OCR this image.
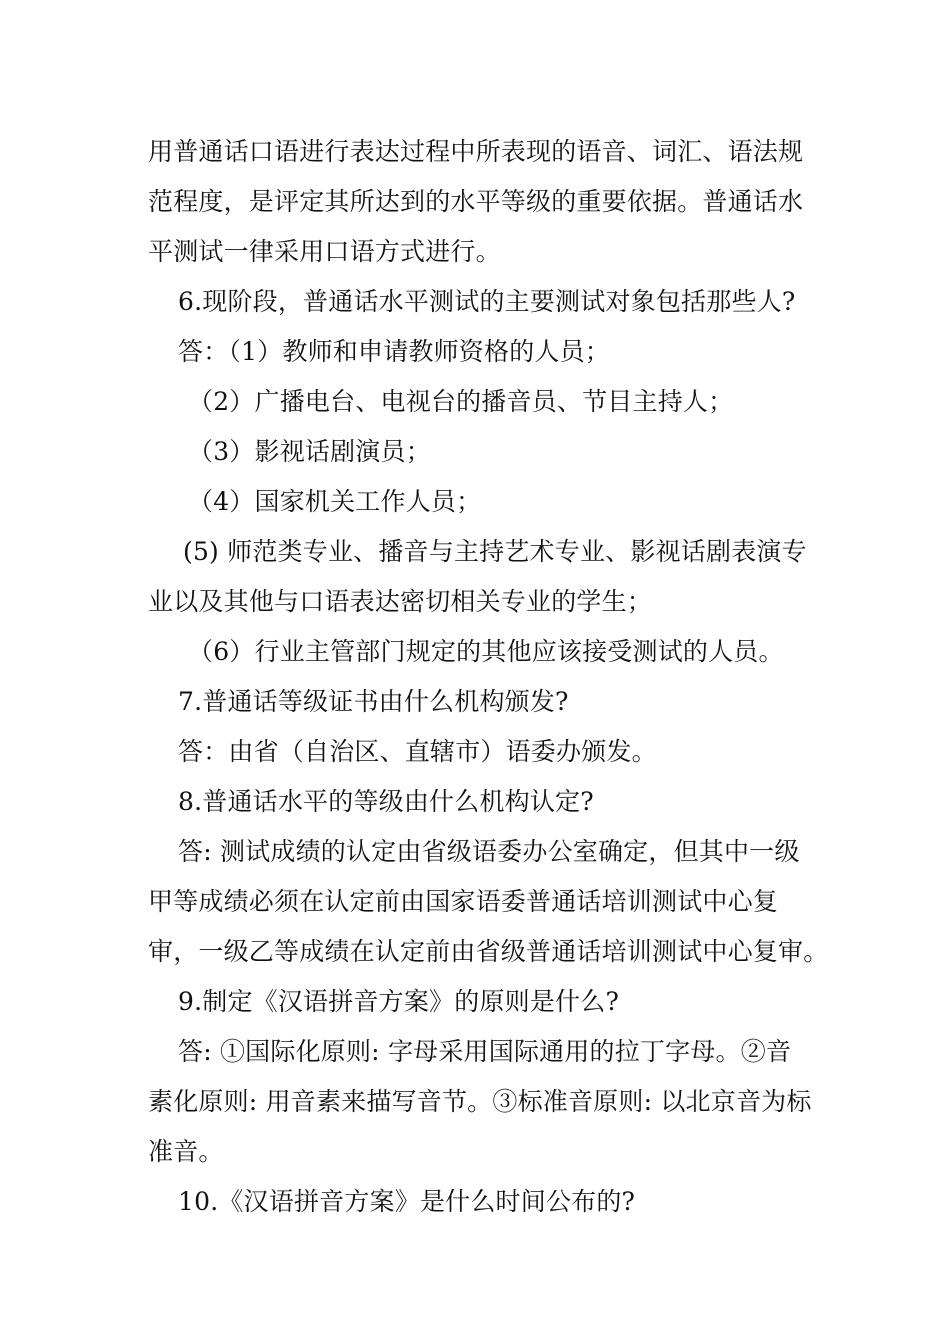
用普通话口语进行表达过程中所表现的语音、词汇、语法规
范程度，是评定其所达到的水平等级的重要依据。普通话水
平测试一律采用口语方式进行。
6.现阶段，普通话水平测试的主要测试对象包括那些人?
答：（1）教师和申请教师资格的人员；
（2）广播电台、电视台的播音员、节目主持人；
（3）影视话剧演员；
（4）国家机关工作人员；
(5) 师范类专业、播音与主持艺术专业、影视话剧表演专
业以及其他与口语表达密切相关专业的学生；
（6）行业主管部门规定的其他应该接受测试的人员。
7.普通话等级证书由什么机构颁发?
答：由省（自治区、直辖市）语委办颁发。
8.普通话水平的等级由什么机构认定?
答: 测试成绩的认定由省级语委办公室确定，但其中一级
甲等成绩必须在认定前由国家语委普通话培训测试中心复
审，一级乙等成绩在认定前由省级普通话培训测试中心复审。
9.制定《汉语拼音方案》的原则是什么?
答: ①国际化原则: 字母采用国际通用的拉丁字母。②音
素化原则: 用音素来描写音节。③标准音原则: 以北京音为标
准音。
10.《汉语拼音方案》是什么时间公布的?
